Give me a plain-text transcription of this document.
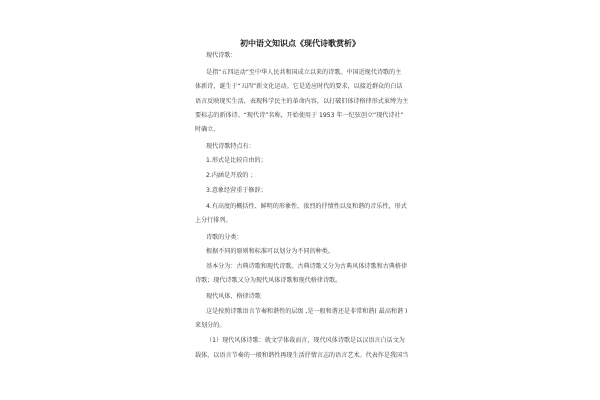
初中语文知识点《现代诗歌赏析》
现代诗歌：
是指“五四运动”至中华人民共和国成立以来的诗歌。中国近现代诗歌的主
体新诗，诞生于“五四”新文化运动。它是适应时代的要求，以接近群众的白话
语言反映现实生活，表现科学民主的革命内容，以打破旧体诗格律形式束缚为主
要标志的新体诗。“现代诗”名称，开始使用于 1953 年一纪弦创立“现代诗社”
时确立。
现代诗歌特点有：
1.形式是比较自由的；
2.内涵是开放的 ；
3.意象经营重于修辞；
4.有高度的概括性、鲜明的形象性、浓烈的抒情性以及和谐的音乐性，形式
上分行排列。
诗歌的分类：
根据不同的原则和标准可以划分为不同的种类。
基本分为：古典诗歌和现代诗歌。古典诗歌又分为古典风体诗歌和古典格律
诗歌；现代诗歌又分为现代风体诗歌和现代格律诗歌。
现代风体、格律诗歌
这是按照诗歌语言节奏和谐性的层级 ,是一般和谐还是非常和谐( 最高和谐 )
来划分的。
（1）现代风体诗歌：就文学体裁而言，现代风体诗歌是以汉语言白话文为
载体，以语言节奏的一般和谐性再现生活抒情言志的语言艺术。代表作是我国当
